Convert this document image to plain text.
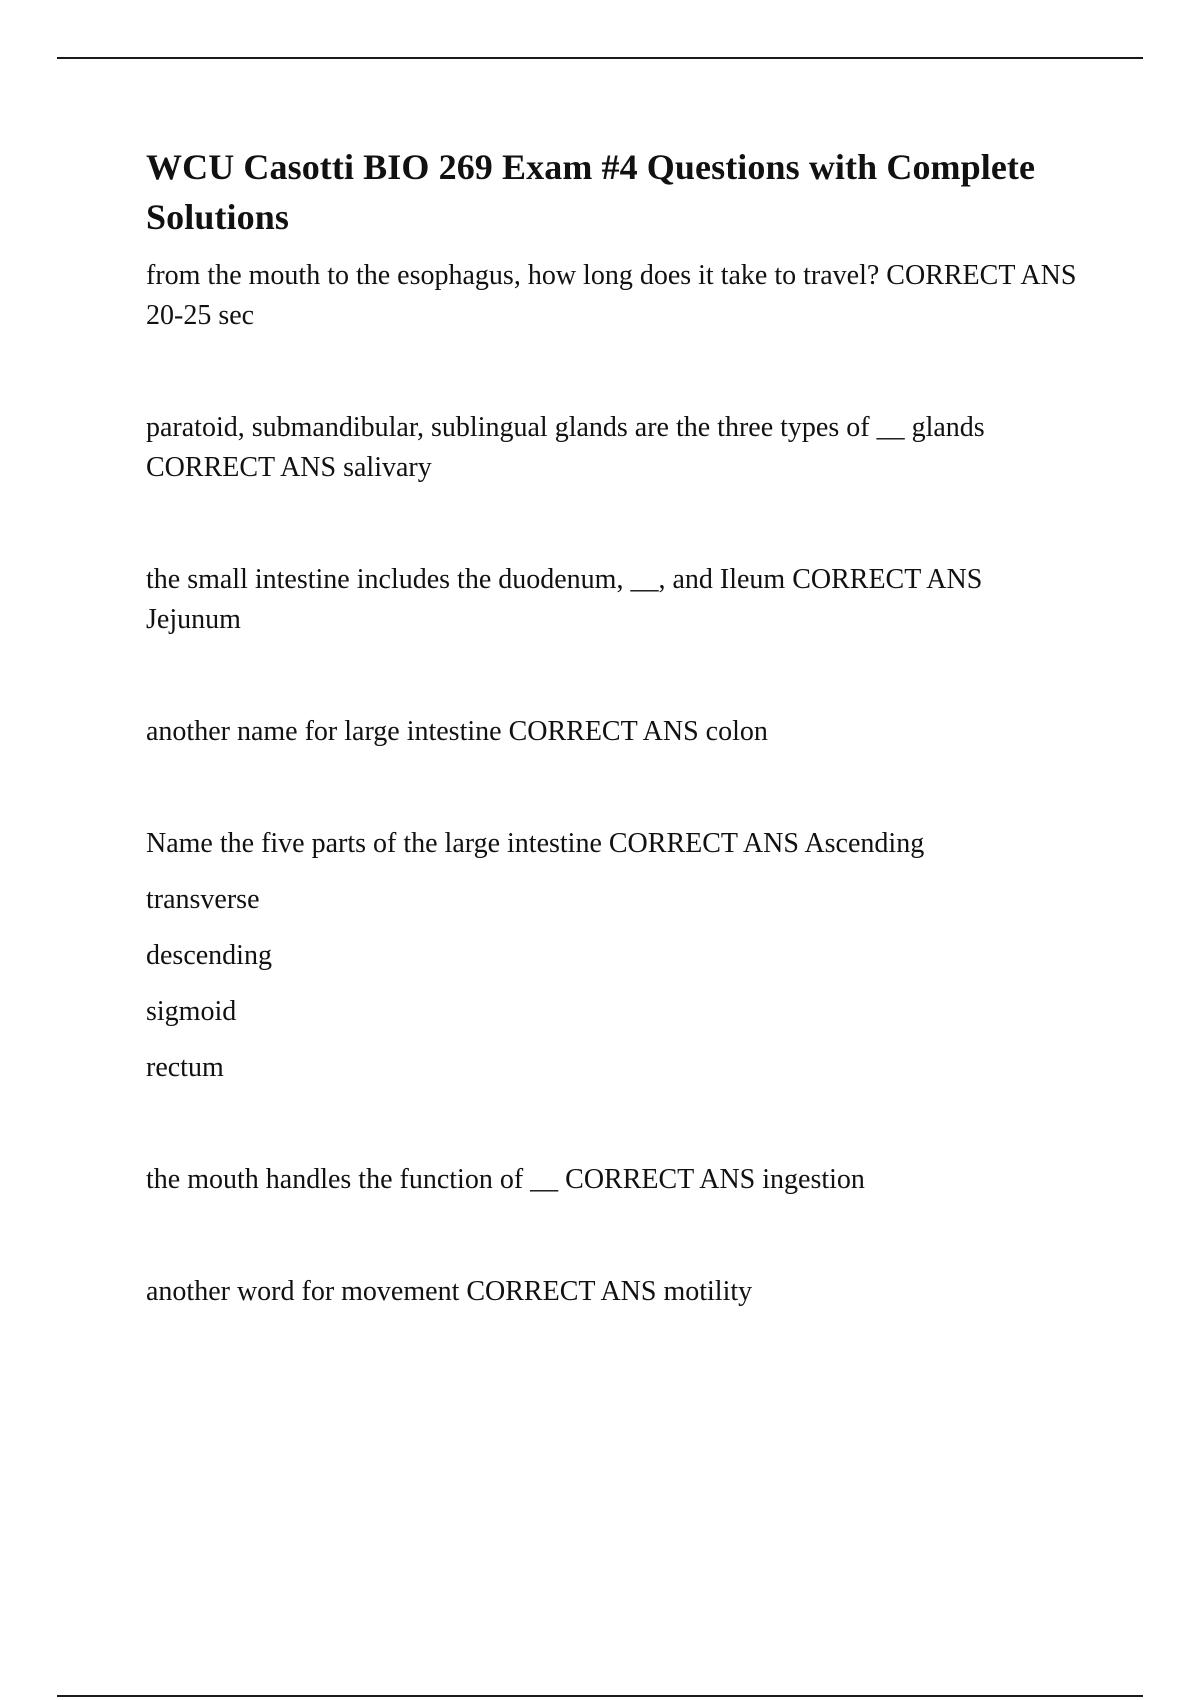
WCU Casotti BIO 269 Exam #4 Questions with Complete Solutions

from the mouth to the esophagus, how long does it take to travel? CORRECT ANS 20-25 sec

paratoid, submandibular, sublingual glands are the three types of __ glands CORRECT ANS salivary

the small intestine includes the duodenum, __, and Ileum CORRECT ANS Jejunum

another name for large intestine CORRECT ANS colon

Name the five parts of the large intestine CORRECT ANS Ascending

transverse

descending

sigmoid

rectum

the mouth handles the function of __ CORRECT ANS ingestion

another word for movement CORRECT ANS motility
